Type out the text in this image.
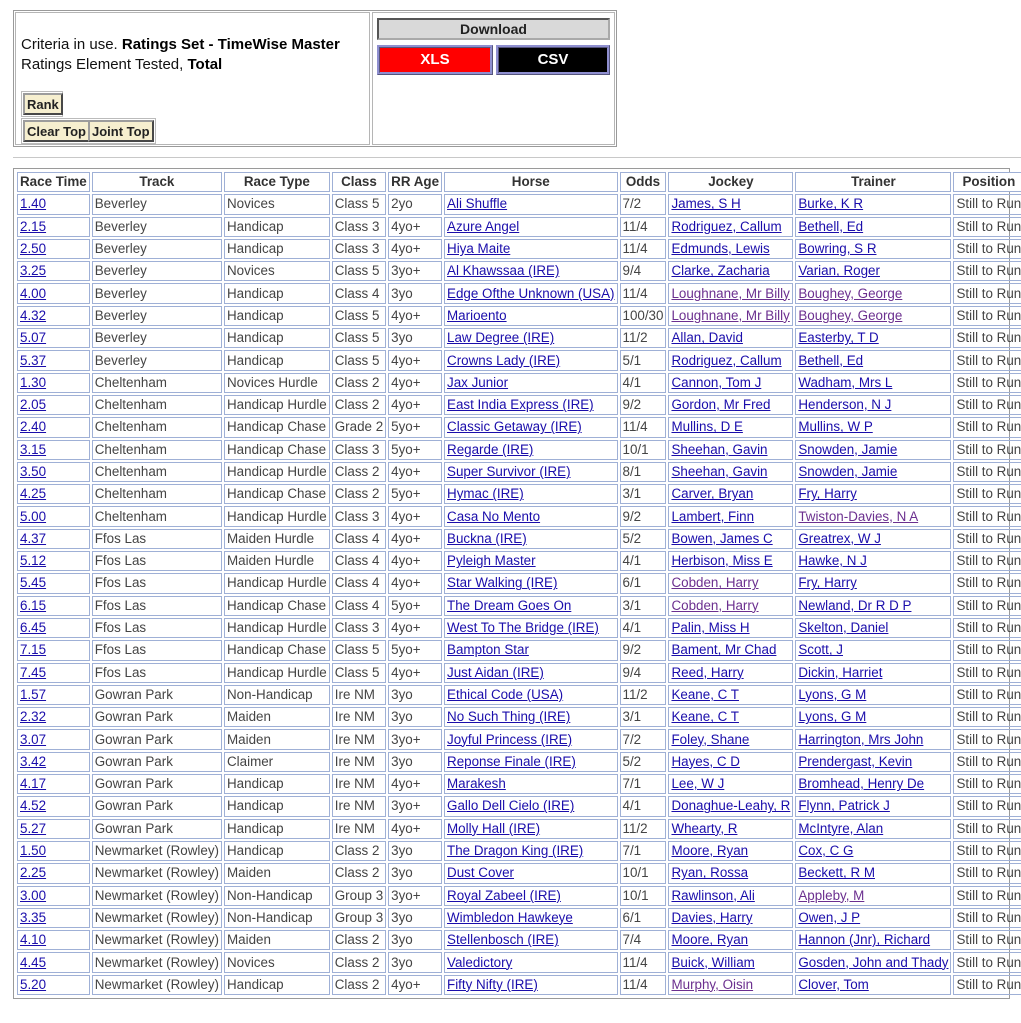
Criteria in use. Ratings Set - TimeWise Master
Ratings Element Tested, Total
Rank
Clear Top Joint Top
Download
XLS	CSV
Race Time	Track	Race Type	Class	RR Age	Horse	Odds	Jockey	Trainer	Position
1.40	Beverley	Novices	Class 5	2yo	Ali Shuffle	7/2	James, S H	Burke, K R	Still to Run
2.15	Beverley	Handicap	Class 3	4yo+	Azure Angel	11/4	Rodriguez, Callum	Bethell, Ed	Still to Run
2.50	Beverley	Handicap	Class 3	4yo+	Hiya Maite	11/4	Edmunds, Lewis	Bowring, S R	Still to Run
3.25	Beverley	Novices	Class 5	3yo+	Al Khawssaa (IRE)	9/4	Clarke, Zacharia	Varian, Roger	Still to Run
4.00	Beverley	Handicap	Class 4	3yo	Edge Ofthe Unknown (USA)	11/4	Loughnane, Mr Billy	Boughey, George	Still to Run
4.32	Beverley	Handicap	Class 5	4yo+	Marioento	100/30	Loughnane, Mr Billy	Boughey, George	Still to Run
5.07	Beverley	Handicap	Class 5	3yo	Law Degree (IRE)	11/2	Allan, David	Easterby, T D	Still to Run
5.37	Beverley	Handicap	Class 5	4yo+	Crowns Lady (IRE)	5/1	Rodriguez, Callum	Bethell, Ed	Still to Run
1.30	Cheltenham	Novices Hurdle	Class 2	4yo+	Jax Junior	4/1	Cannon, Tom J	Wadham, Mrs L	Still to Run
2.05	Cheltenham	Handicap Hurdle	Class 2	4yo+	East India Express (IRE)	9/2	Gordon, Mr Fred	Henderson, N J	Still to Run
2.40	Cheltenham	Handicap Chase	Grade 2	5yo+	Classic Getaway (IRE)	11/4	Mullins, D E	Mullins, W P	Still to Run
3.15	Cheltenham	Handicap Chase	Class 3	5yo+	Regarde (IRE)	10/1	Sheehan, Gavin	Snowden, Jamie	Still to Run
3.50	Cheltenham	Handicap Hurdle	Class 2	4yo+	Super Survivor (IRE)	8/1	Sheehan, Gavin	Snowden, Jamie	Still to Run
4.25	Cheltenham	Handicap Chase	Class 2	5yo+	Hymac (IRE)	3/1	Carver, Bryan	Fry, Harry	Still to Run
5.00	Cheltenham	Handicap Hurdle	Class 3	4yo+	Casa No Mento	9/2	Lambert, Finn	Twiston-Davies, N A	Still to Run
4.37	Ffos Las	Maiden Hurdle	Class 4	4yo+	Buckna (IRE)	5/2	Bowen, James C	Greatrex, W J	Still to Run
5.12	Ffos Las	Maiden Hurdle	Class 4	4yo+	Pyleigh Master	4/1	Herbison, Miss E	Hawke, N J	Still to Run
5.45	Ffos Las	Handicap Hurdle	Class 4	4yo+	Star Walking (IRE)	6/1	Cobden, Harry	Fry, Harry	Still to Run
6.15	Ffos Las	Handicap Chase	Class 4	5yo+	The Dream Goes On	3/1	Cobden, Harry	Newland, Dr R D P	Still to Run
6.45	Ffos Las	Handicap Hurdle	Class 3	4yo+	West To The Bridge (IRE)	4/1	Palin, Miss H	Skelton, Daniel	Still to Run
7.15	Ffos Las	Handicap Chase	Class 5	5yo+	Bampton Star	9/2	Bament, Mr Chad	Scott, J	Still to Run
7.45	Ffos Las	Handicap Hurdle	Class 5	4yo+	Just Aidan (IRE)	9/4	Reed, Harry	Dickin, Harriet	Still to Run
1.57	Gowran Park	Non-Handicap	Ire NM	3yo	Ethical Code (USA)	11/2	Keane, C T	Lyons, G M	Still to Run
2.32	Gowran Park	Maiden	Ire NM	3yo	No Such Thing (IRE)	3/1	Keane, C T	Lyons, G M	Still to Run
3.07	Gowran Park	Maiden	Ire NM	3yo+	Joyful Princess (IRE)	7/2	Foley, Shane	Harrington, Mrs John	Still to Run
3.42	Gowran Park	Claimer	Ire NM	3yo	Reponse Finale (IRE)	5/2	Hayes, C D	Prendergast, Kevin	Still to Run
4.17	Gowran Park	Handicap	Ire NM	4yo+	Marakesh	7/1	Lee, W J	Bromhead, Henry De	Still to Run
4.52	Gowran Park	Handicap	Ire NM	3yo+	Gallo Dell Cielo (IRE)	4/1	Donaghue-Leahy, R	Flynn, Patrick J	Still to Run
5.27	Gowran Park	Handicap	Ire NM	4yo+	Molly Hall (IRE)	11/2	Whearty, R	McIntyre, Alan	Still to Run
1.50	Newmarket (Rowley)	Handicap	Class 2	3yo	The Dragon King (IRE)	7/1	Moore, Ryan	Cox, C G	Still to Run
2.25	Newmarket (Rowley)	Maiden	Class 2	3yo	Dust Cover	10/1	Ryan, Rossa	Beckett, R M	Still to Run
3.00	Newmarket (Rowley)	Non-Handicap	Group 3	3yo+	Royal Zabeel (IRE)	10/1	Rawlinson, Ali	Appleby, M	Still to Run
3.35	Newmarket (Rowley)	Non-Handicap	Group 3	3yo	Wimbledon Hawkeye	6/1	Davies, Harry	Owen, J P	Still to Run
4.10	Newmarket (Rowley)	Maiden	Class 2	3yo	Stellenbosch (IRE)	7/4	Moore, Ryan	Hannon (Jnr), Richard	Still to Run
4.45	Newmarket (Rowley)	Novices	Class 2	3yo	Valedictory	11/4	Buick, William	Gosden, John and Thady	Still to Run
5.20	Newmarket (Rowley)	Handicap	Class 2	4yo+	Fifty Nifty (IRE)	11/4	Murphy, Oisin	Clover, Tom	Still to Run
